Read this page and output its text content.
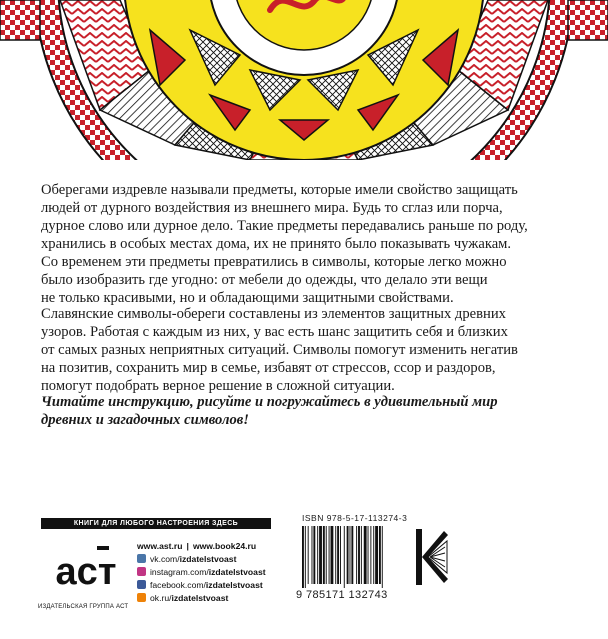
Оберегами издревле называли предметы, которые имели свойство защищать
людей от дурного воздействия из внешнего мира. Будь то сглаз или порча,
дурное слово или дурное дело. Такие предметы передавались раньше по роду,
хранились в особых местах дома, их не принято было показывать чужакам.
Со временем эти предметы превратились в символы, которые легко можно
было изобразить где угодно: от мебели до одежды, что делало эти вещи
не только красивыми, но и обладающими защитными свойствами.
Славянские символы-обереги составлены из элементов защитных древних
узоров. Работая с каждым из них, у вас есть шанс защитить себя и близких
от самых разных неприятных ситуаций. Символы помогут изменить негатив
на позитив, сохранить мир в семье, избавят от стрессов, ссор и раздоров,
помогут подобрать верное решение в сложной ситуации.
Читайте инструкцию, рисуйте и погружайтесь в удивительный мир
древних и загадочных символов!
КНИГИ ДЛЯ ЛЮБОГО НАСТРОЕНИЯ ЗДЕСЬ
аст
ИЗДАТЕЛЬСКАЯ ГРУППА АСТ
www.ast.ru | www.book24.ru
vk.com/ izdatelstvoast
instagram.com/ izdatelstvoast
facebook.com/ izdatelstvoast
ok.ru/ izdatelstvoast
ISBN 978-5-17-113274-3
9 785171 132743
